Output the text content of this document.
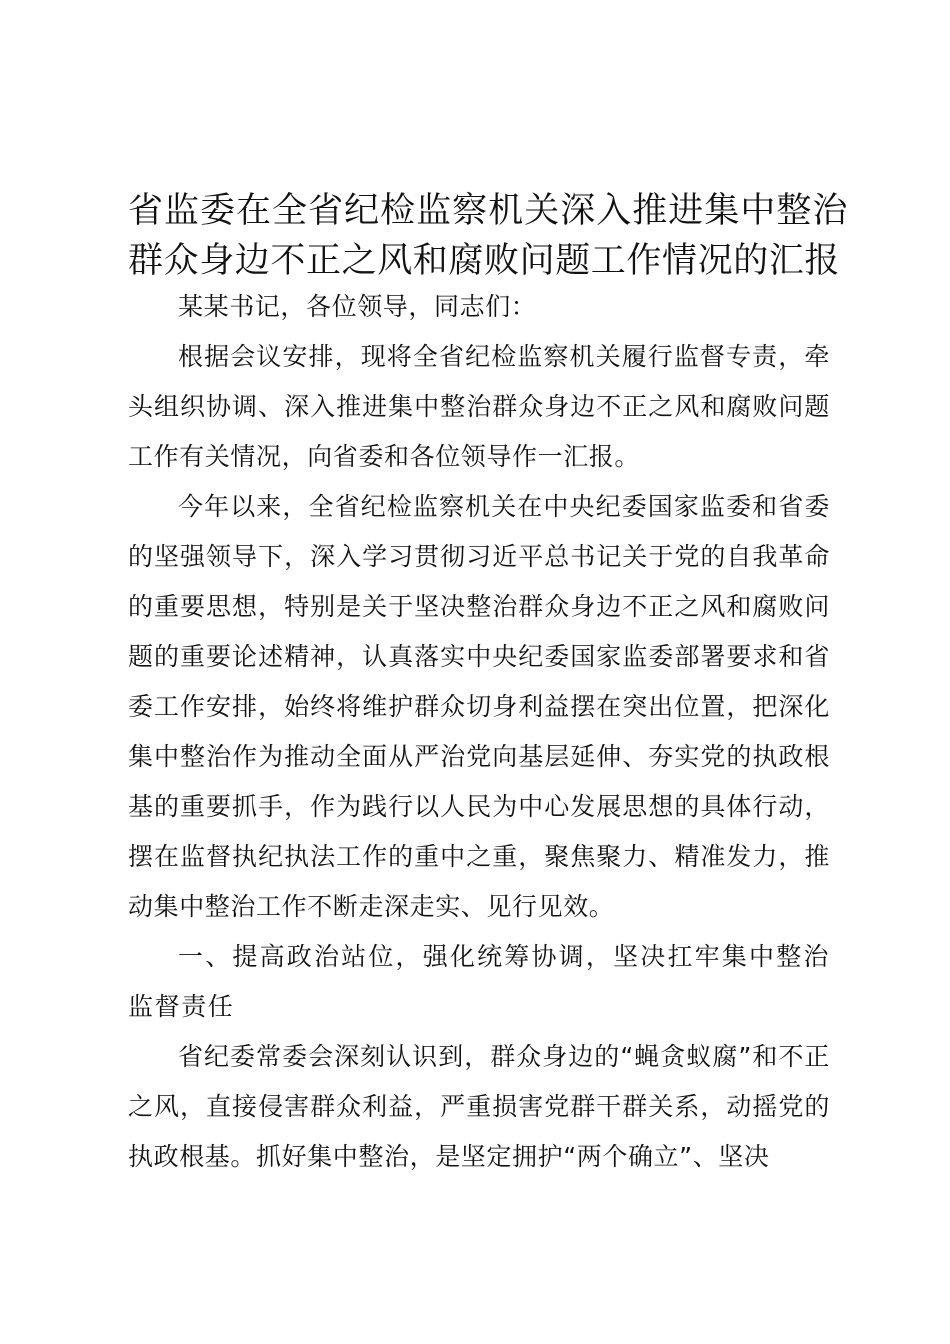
省监委在全省纪检监察机关深入推进集中整治群众身边不正之风和腐败问题工作情况的汇报

某某书记，各位领导，同志们：

根据会议安排，现将全省纪检监察机关履行监督专责，牵头组织协调、深入推进集中整治群众身边不正之风和腐败问题工作有关情况，向省委和各位领导作一汇报。

今年以来，全省纪检监察机关在中央纪委国家监委和省委的坚强领导下，深入学习贯彻习近平总书记关于党的自我革命的重要思想，特别是关于坚决整治群众身边不正之风和腐败问题的重要论述精神，认真落实中央纪委国家监委部署要求和省委工作安排，始终将维护群众切身利益摆在突出位置，把深化集中整治作为推动全面从严治党向基层延伸、夯实党的执政根基的重要抓手，作为践行以人民为中心发展思想的具体行动，摆在监督执纪执法工作的重中之重，聚焦聚力、精准发力，推动集中整治工作不断走深走实、见行见效。

一、提高政治站位，强化统筹协调，坚决扛牢集中整治监督责任

省纪委常委会深刻认识到，群众身边的“蝇贪蚁腐”和不正之风，直接侵害群众利益，严重损害党群干群关系，动摇党的执政根基。抓好集中整治，是坚定拥护“两个确立”、坚决
